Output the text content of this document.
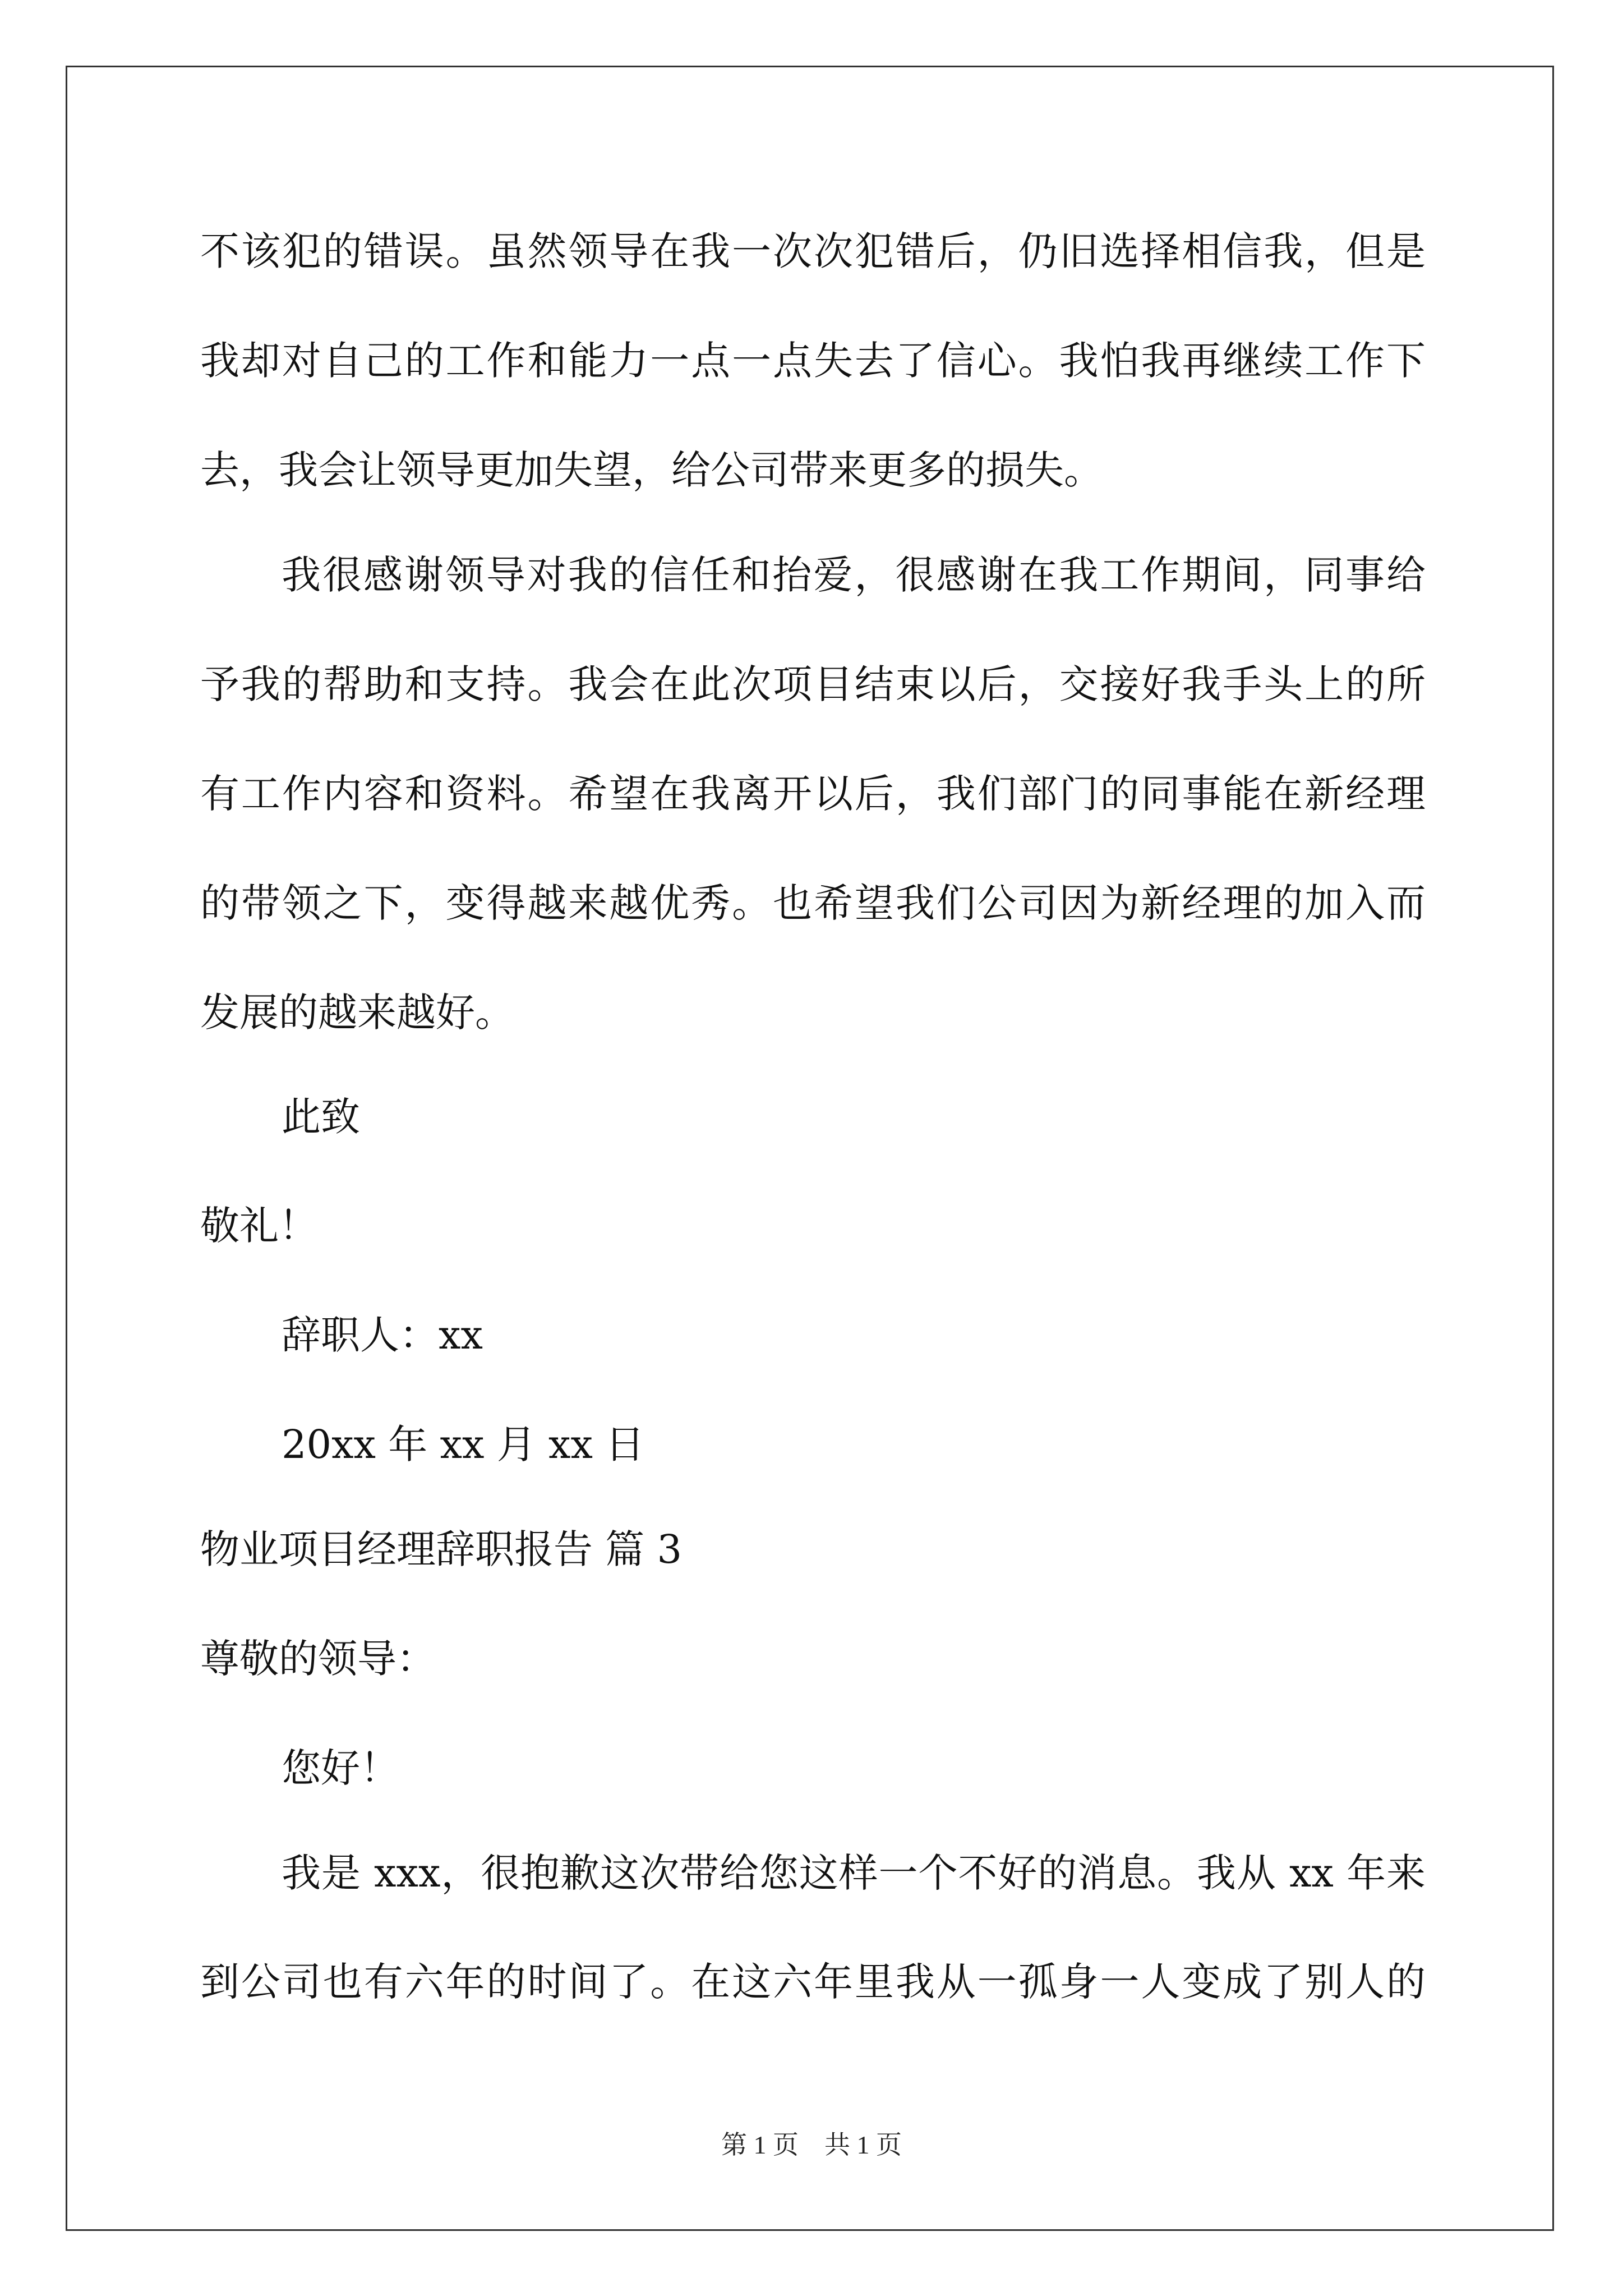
不该犯的错误。虽然领导在我一次次犯错后，仍旧选择相信我，但是
我却对自己的工作和能力一点一点失去了信心。我怕我再继续工作下
去，我会让领导更加失望，给公司带来更多的损失。
我很感谢领导对我的信任和抬爱，很感谢在我工作期间，同事给
予我的帮助和支持。我会在此次项目结束以后，交接好我手头上的所
有工作内容和资料。希望在我离开以后，我们部门的同事能在新经理
的带领之下，变得越来越优秀。也希望我们公司因为新经理的加入而
发展的越来越好。
此致
敬礼！
辞职人：xx
20xx 年 xx 月 xx 日
物业项目经理辞职报告 篇 3
尊敬的领导：
您好！
我是 xxx，很抱歉这次带给您这样一个不好的消息。我从 xx 年来
到公司也有六年的时间了。在这六年里我从一孤身一人变成了别人的
第 1 页 共 1 页
